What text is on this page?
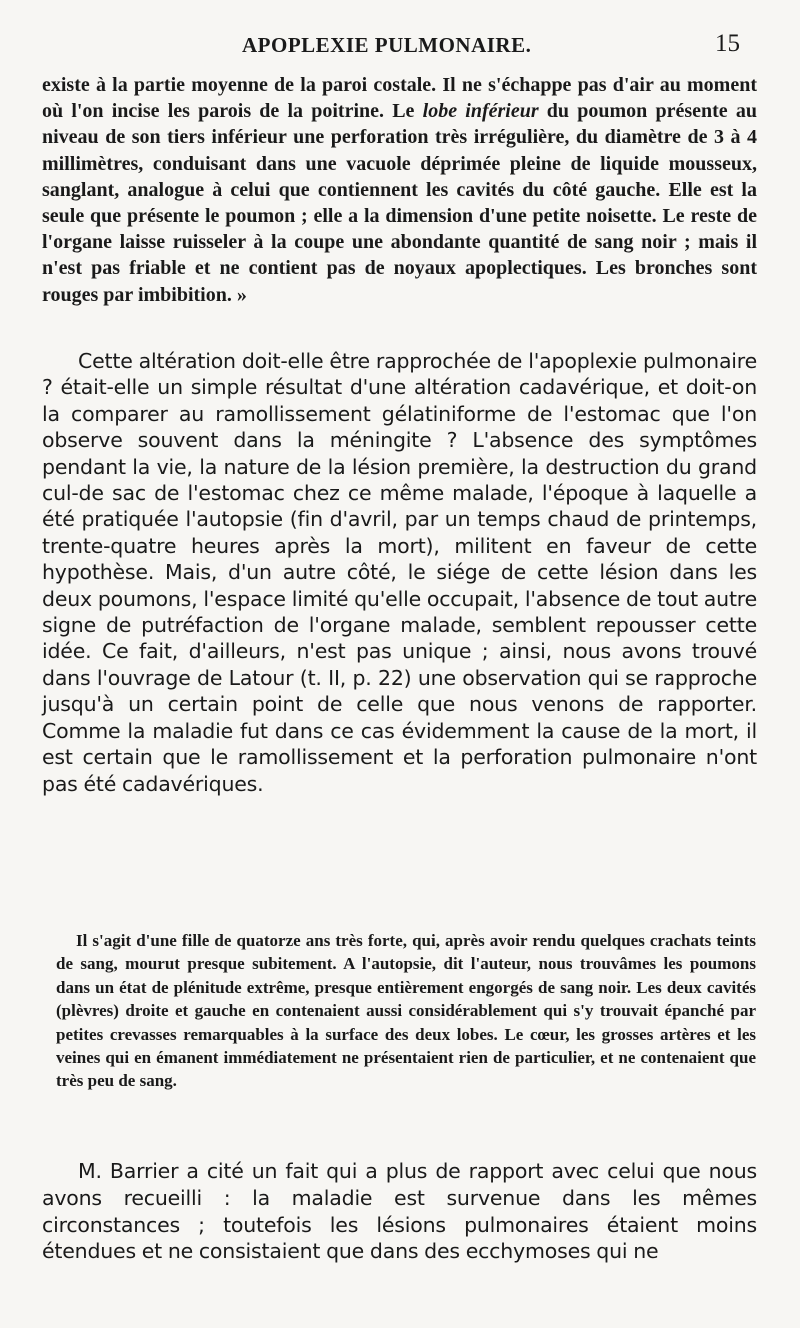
APOPLEXIE PULMONAIRE.	15

existe à la partie moyenne de la paroi costale. Il ne s'échappe pas d'air au moment où l'on incise les parois de la poitrine. Le lobe inférieur du poumon présente au niveau de son tiers inférieur une perforation très irrégulière, du diamètre de 3 à 4 millimètres, conduisant dans une vacuole déprimée pleine de liquide mousseux, sanglant, analogue à celui que contiennent les cavités du côté gauche. Elle est la seule que présente le poumon ; elle a la dimension d'une petite noisette. Le reste de l'organe laisse ruisseler à la coupe une abondante quantité de sang noir ; mais il n'est pas friable et ne contient pas de noyaux apoplectiques. Les bronches sont rouges par imbibition. »

Cette altération doit-elle être rapprochée de l'apoplexie pulmonaire ? était-elle un simple résultat d'une altération cadavérique, et doit-on la comparer au ramollissement gélatiniforme de l'estomac que l'on observe souvent dans la méningite ? L'absence des symptômes pendant la vie, la nature de la lésion première, la destruction du grand cul-de sac de l'estomac chez ce même malade, l'époque à laquelle a été pratiquée l'autopsie (fin d'avril, par un temps chaud de printemps, trente-quatre heures après la mort), militent en faveur de cette hypothèse. Mais, d'un autre côté, le siége de cette lésion dans les deux poumons, l'espace limité qu'elle occupait, l'absence de tout autre signe de putréfaction de l'organe malade, semblent repousser cette idée. Ce fait, d'ailleurs, n'est pas unique ; ainsi, nous avons trouvé dans l'ouvrage de Latour (t. II, p. 22) une observation qui se rapproche jusqu'à un certain point de celle que nous venons de rapporter. Comme la maladie fut dans ce cas évidemment la cause de la mort, il est certain que le ramollissement et la perforation pulmonaire n'ont pas été cadavériques.

Il s'agit d'une fille de quatorze ans très forte, qui, après avoir rendu quelques crachats teints de sang, mourut presque subitement. A l'autopsie, dit l'auteur, nous trouvâmes les poumons dans un état de plénitude extrême, presque entièrement engorgés de sang noir. Les deux cavités (plèvres) droite et gauche en contenaient aussi considérablement qui s'y trouvait épanché par petites crevasses remarquables à la surface des deux lobes. Le cœur, les grosses artères et les veines qui en émanent immédiatement ne présentaient rien de particulier, et ne contenaient que très peu de sang.

M. Barrier a cité un fait qui a plus de rapport avec celui que nous avons recueilli : la maladie est survenue dans les mêmes circonstances ; toutefois les lésions pulmonaires étaient moins étendues et ne consistaient que dans des ecchymoses qui ne
